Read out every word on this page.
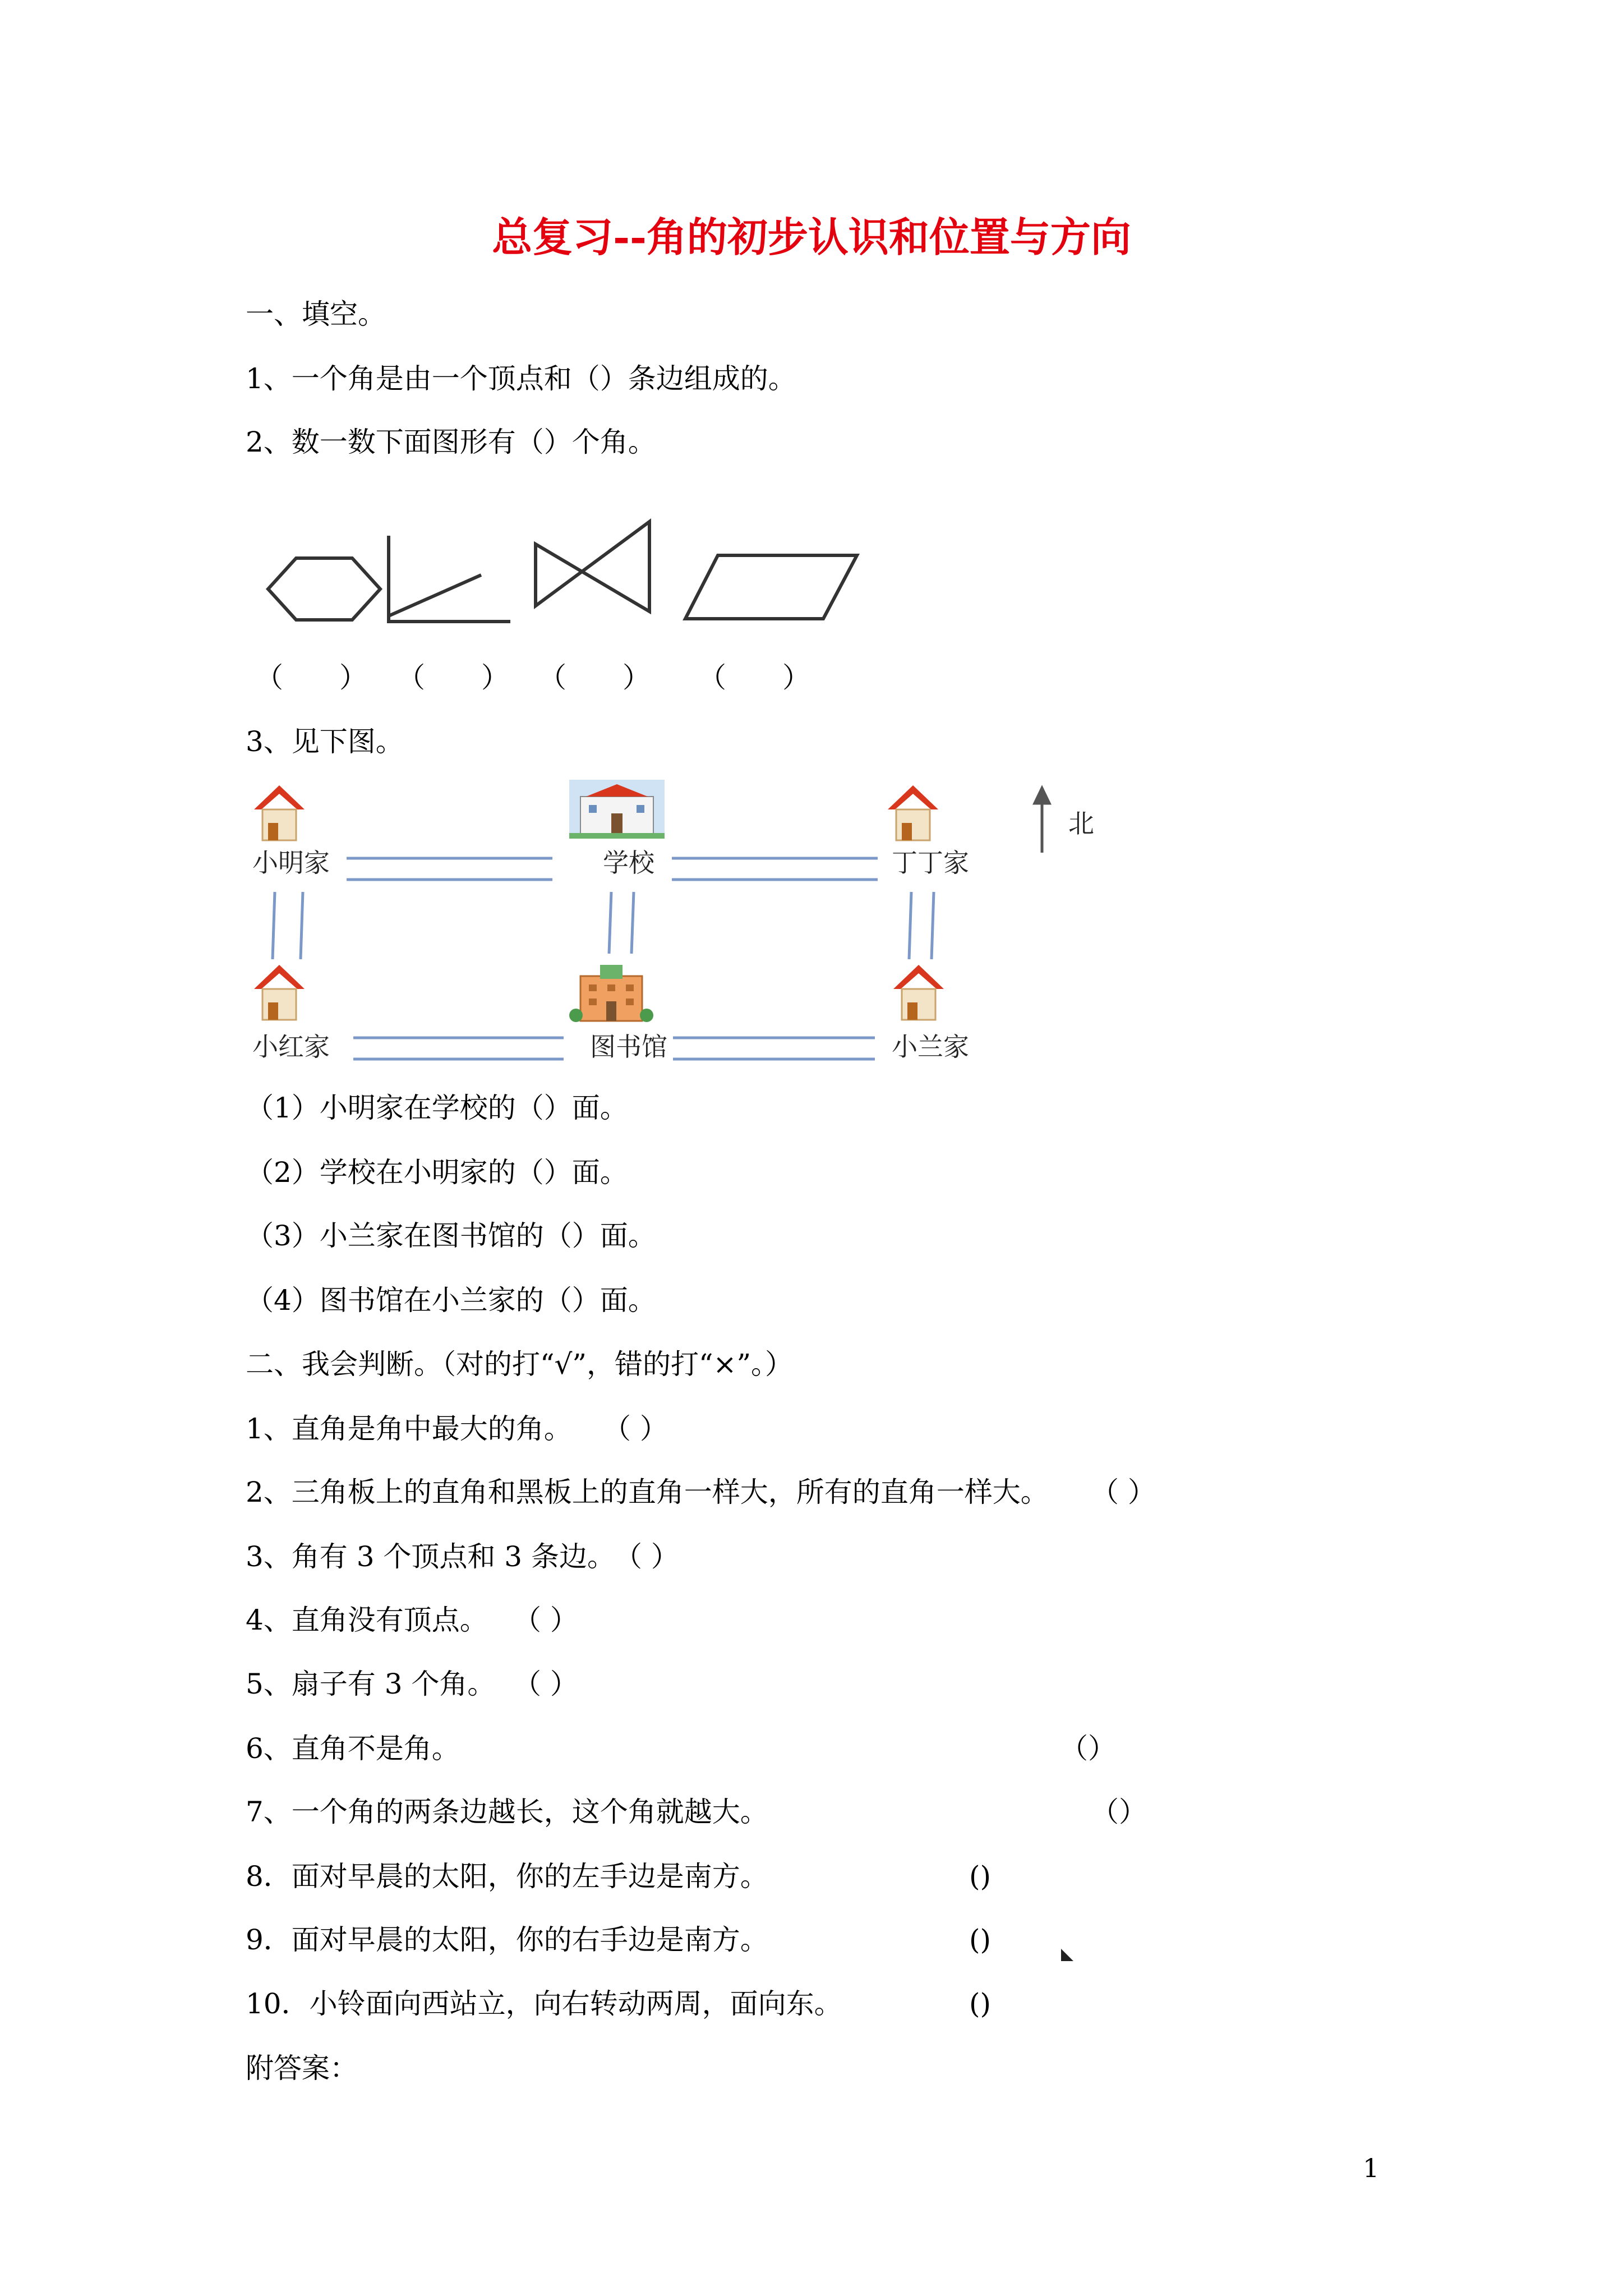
总复习--角的初步认识和位置与方向
一、填空。
1、一个角是由一个顶点和（）条边组成的。
2、数一数下面图形有（）个角。
（　　） （　　） （　　） （　　）
3、见下图。
小明家	学校	丁丁家
小红家	图书馆	小兰家
北
（1）小明家在学校的（）面。
（2）学校在小明家的（）面。
（3）小兰家在图书馆的（）面。
（4）图书馆在小兰家的（）面。
二、我会判断。（对的打“√”，错的打“×”。）
1、直角是角中最大的角。 （ ）
2、三角板上的直角和黑板上的直角一样大，所有的直角一样大。 （ ）
3、角有 3 个顶点和 3 条边。
（ ）
4、直角没有顶点。 （ ）
5、扇子有 3 个角。 （ ）
6、直角不是角。	（）
7、一个角的两条边越长，这个角就越大。	（）
8．面对早晨的太阳，你的左手边是南方。	()
9．面对早晨的太阳，你的右手边是南方。	()
10．小铃面向西站立，向右转动两周，面向东。	()
附答案：
1
